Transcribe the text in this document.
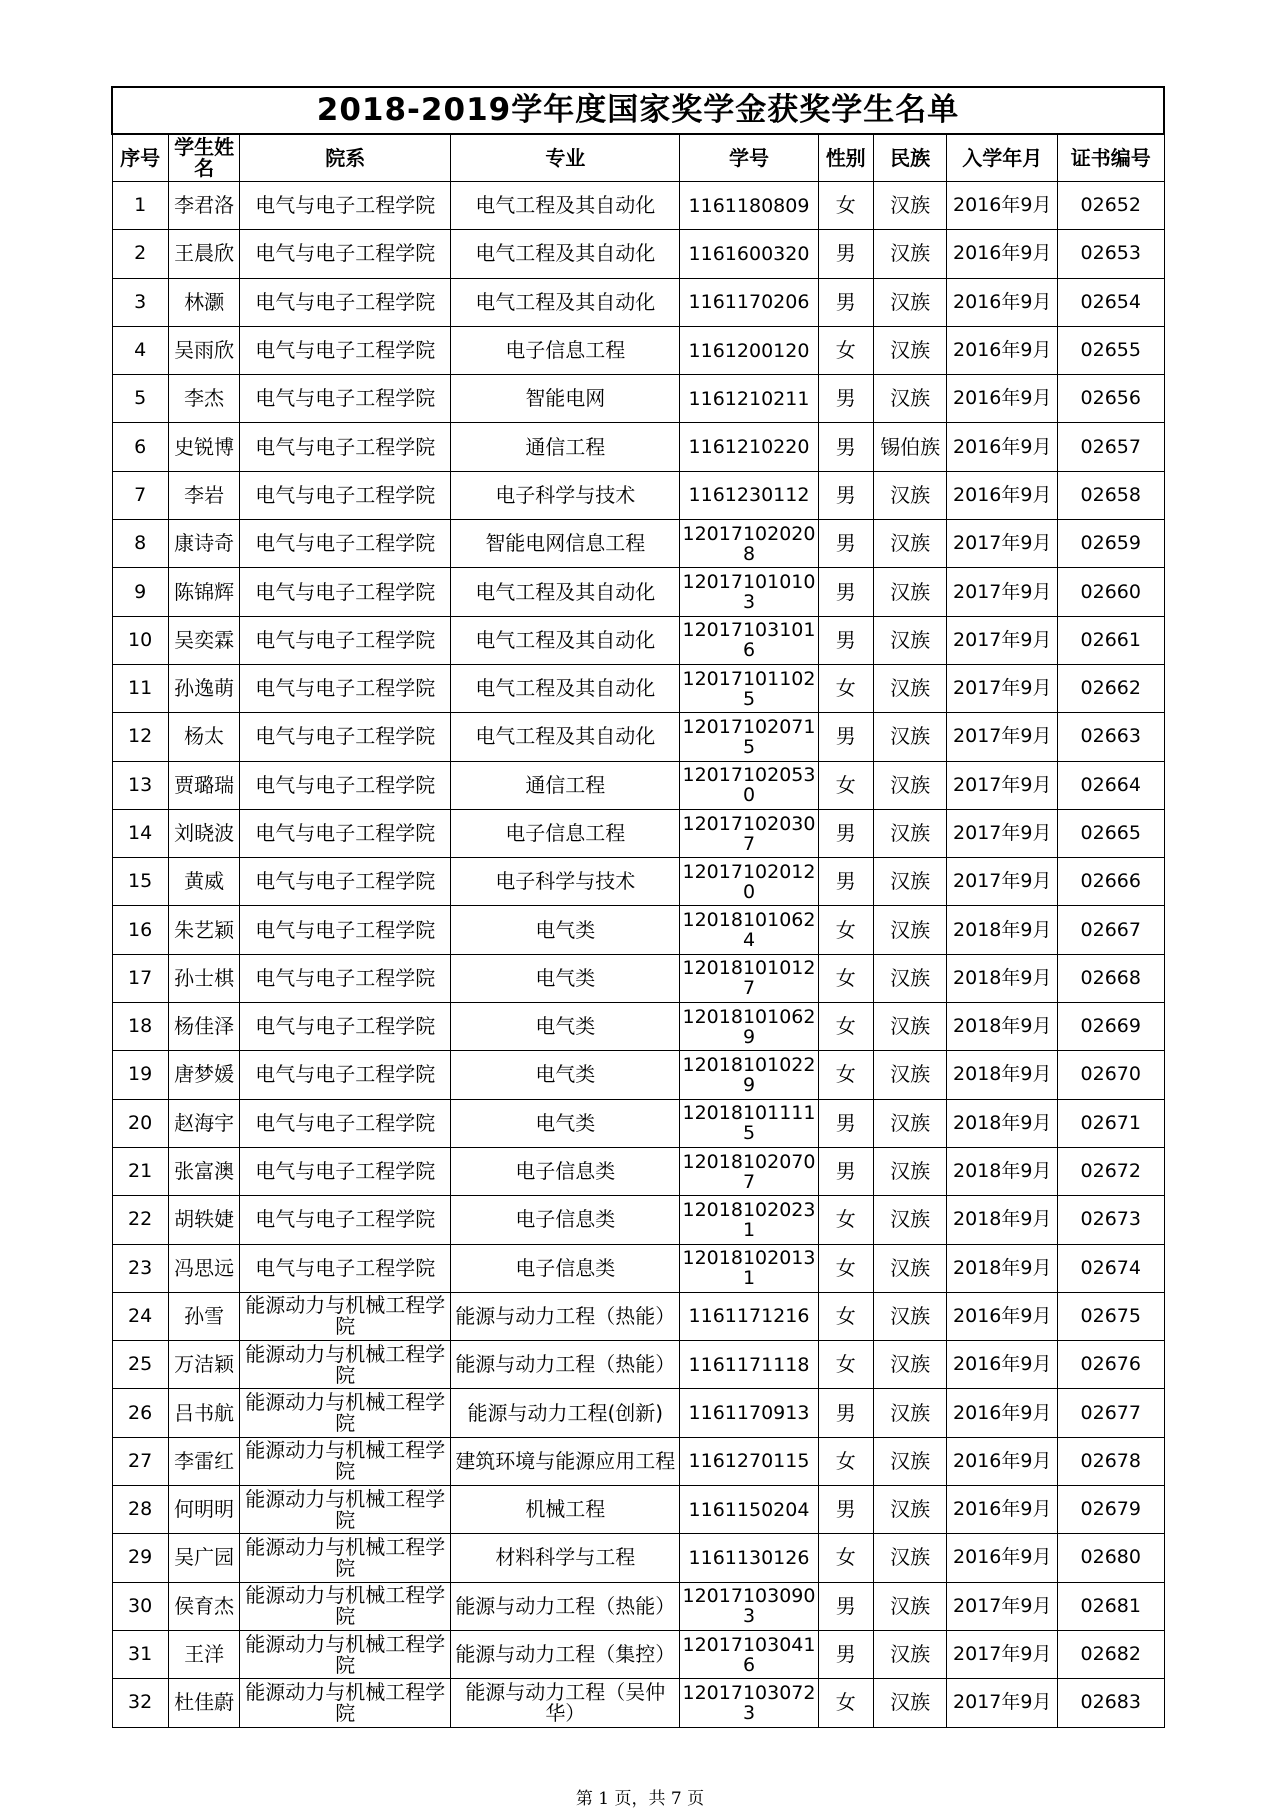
2018-2019学年度国家奖学金获奖学生名单								
序号	学生姓名	院系	专业	学号	性别	民族	入学年月	证书编号
1	李君洛	电气与电子工程学院	电气工程及其自动化	1161180809	女	汉族	2016年9月	02652
2	王晨欣	电气与电子工程学院	电气工程及其自动化	1161600320	男	汉族	2016年9月	02653
3	林灏	电气与电子工程学院	电气工程及其自动化	1161170206	男	汉族	2016年9月	02654
4	吴雨欣	电气与电子工程学院	电子信息工程	1161200120	女	汉族	2016年9月	02655
5	李杰	电气与电子工程学院	智能电网	1161210211	男	汉族	2016年9月	02656
6	史锐博	电气与电子工程学院	通信工程	1161210220	男	锡伯族	2016年9月	02657
7	李岩	电气与电子工程学院	电子科学与技术	1161230112	男	汉族	2016年9月	02658
8	康诗奇	电气与电子工程学院	智能电网信息工程	120171020208	男	汉族	2017年9月	02659
9	陈锦辉	电气与电子工程学院	电气工程及其自动化	120171010103	男	汉族	2017年9月	02660
10	吴奕霖	电气与电子工程学院	电气工程及其自动化	120171031016	男	汉族	2017年9月	02661
11	孙逸萌	电气与电子工程学院	电气工程及其自动化	120171011025	女	汉族	2017年9月	02662
12	杨太	电气与电子工程学院	电气工程及其自动化	120171020715	男	汉族	2017年9月	02663
13	贾璐瑞	电气与电子工程学院	通信工程	120171020530	女	汉族	2017年9月	02664
14	刘晓波	电气与电子工程学院	电子信息工程	120171020307	男	汉族	2017年9月	02665
15	黄威	电气与电子工程学院	电子科学与技术	120171020120	男	汉族	2017年9月	02666
16	朱艺颖	电气与电子工程学院	电气类	120181010624	女	汉族	2018年9月	02667
17	孙士棋	电气与电子工程学院	电气类	120181010127	女	汉族	2018年9月	02668
18	杨佳泽	电气与电子工程学院	电气类	120181010629	女	汉族	2018年9月	02669
19	唐梦媛	电气与电子工程学院	电气类	120181010229	女	汉族	2018年9月	02670
20	赵海宇	电气与电子工程学院	电气类	120181011115	男	汉族	2018年9月	02671
21	张富澳	电气与电子工程学院	电子信息类	120181020707	男	汉族	2018年9月	02672
22	胡轶婕	电气与电子工程学院	电子信息类	120181020231	女	汉族	2018年9月	02673
23	冯思远	电气与电子工程学院	电子信息类	120181020131	女	汉族	2018年9月	02674
24	孙雪	能源动力与机械工程学院	能源与动力工程（热能）	1161171216	女	汉族	2016年9月	02675
25	万洁颖	能源动力与机械工程学院	能源与动力工程（热能）	1161171118	女	汉族	2016年9月	02676
26	吕书航	能源动力与机械工程学院	能源与动力工程(创新)	1161170913	男	汉族	2016年9月	02677
27	李雷红	能源动力与机械工程学院	建筑环境与能源应用工程	1161270115	女	汉族	2016年9月	02678
28	何明明	能源动力与机械工程学院	机械工程	1161150204	男	汉族	2016年9月	02679
29	吴广园	能源动力与机械工程学院	材料科学与工程	1161130126	女	汉族	2016年9月	02680
30	侯育杰	能源动力与机械工程学院	能源与动力工程（热能）	120171030903	男	汉族	2017年9月	02681
31	王洋	能源动力与机械工程学院	能源与动力工程（集控）	120171030416	男	汉族	2017年9月	02682
32	杜佳蔚	能源动力与机械工程学院	能源与动力工程（吴仲华）	120171030723	女	汉族	2017年9月	02683
第 1 页，共 7 页
